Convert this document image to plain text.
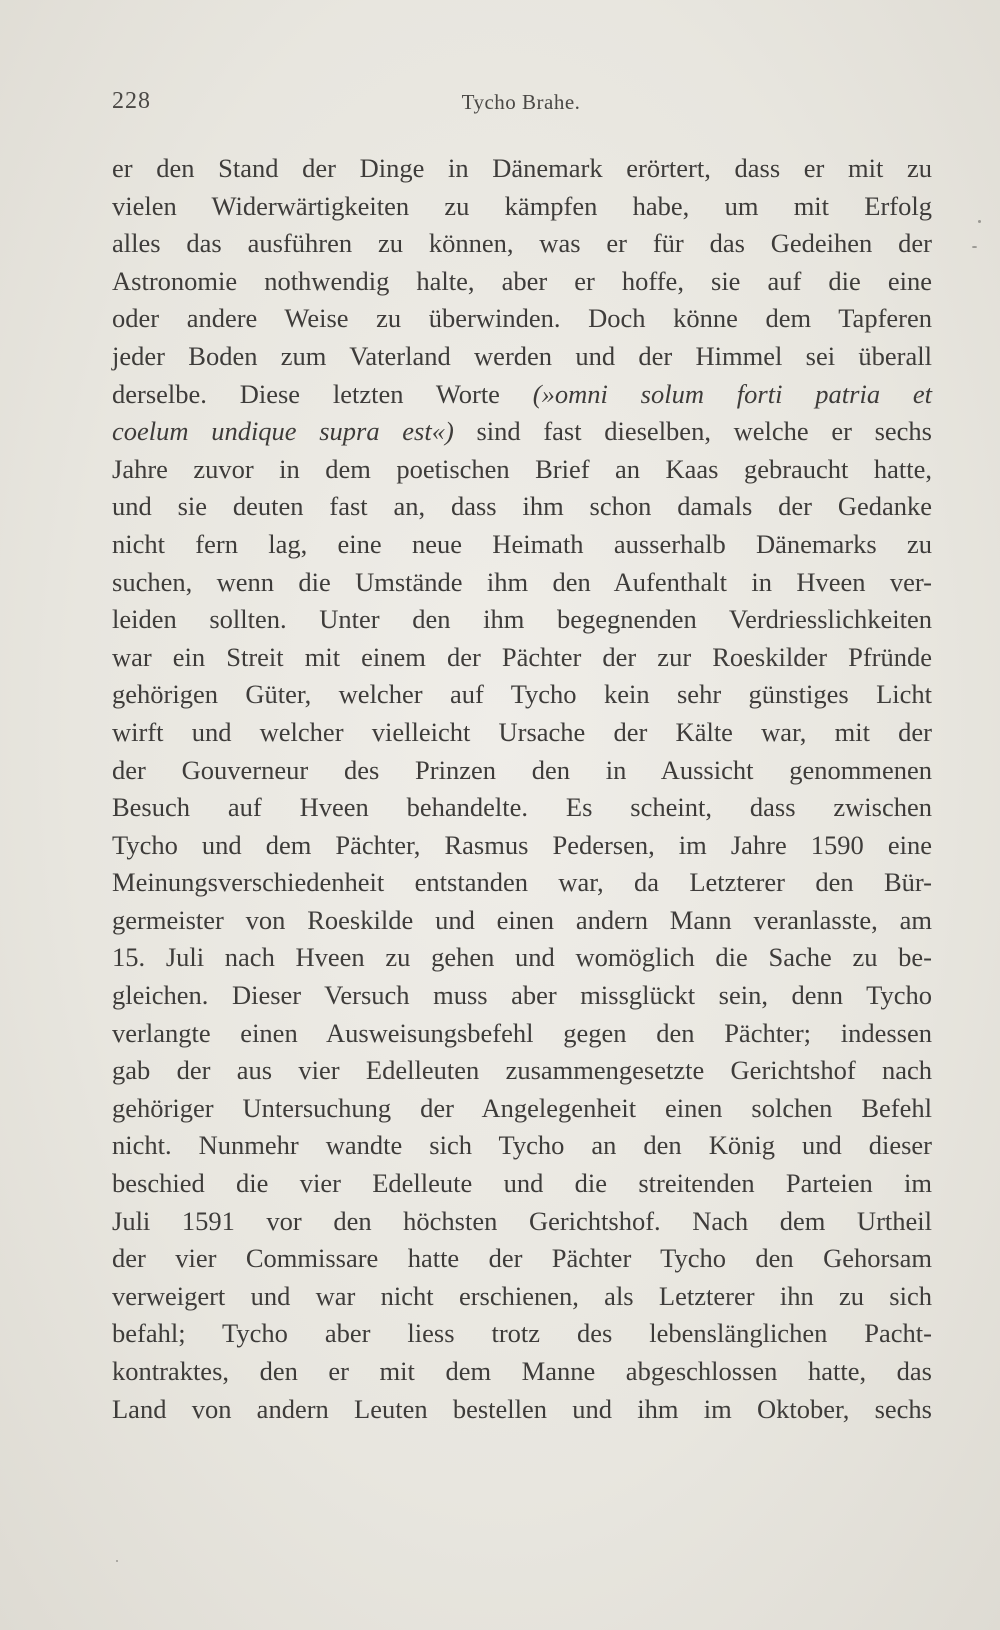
228	Tycho Brahe.
er den Stand der Dinge in Dänemark erörtert, dass er mit zu
vielen Widerwärtigkeiten zu kämpfen habe, um mit Erfolg
alles das ausführen zu können, was er für das Gedeihen der
Astronomie nothwendig halte, aber er hoffe, sie auf die eine
oder andere Weise zu überwinden. Doch könne dem Tapferen
jeder Boden zum Vaterland werden und der Himmel sei überall
derselbe. Diese letzten Worte (»omni solum forti patria et
coelum undique supra est«) sind fast dieselben, welche er sechs
Jahre zuvor in dem poetischen Brief an Kaas gebraucht hatte,
und sie deuten fast an, dass ihm schon damals der Gedanke
nicht fern lag, eine neue Heimath ausserhalb Dänemarks zu
suchen, wenn die Umstände ihm den Aufenthalt in Hveen ver-
leiden sollten. Unter den ihm begegnenden Verdriesslichkeiten
war ein Streit mit einem der Pächter der zur Roeskilder Pfründe
gehörigen Güter, welcher auf Tycho kein sehr günstiges Licht
wirft und welcher vielleicht Ursache der Kälte war, mit der
der Gouverneur des Prinzen den in Aussicht genommenen
Besuch auf Hveen behandelte. Es scheint, dass zwischen
Tycho und dem Pächter, Rasmus Pedersen, im Jahre 1590 eine
Meinungsverschiedenheit entstanden war, da Letzterer den Bür-
germeister von Roeskilde und einen andern Mann veranlasste, am
15. Juli nach Hveen zu gehen und womöglich die Sache zu be-
gleichen. Dieser Versuch muss aber missglückt sein, denn Tycho
verlangte einen Ausweisungsbefehl gegen den Pächter; indessen
gab der aus vier Edelleuten zusammengesetzte Gerichtshof nach
gehöriger Untersuchung der Angelegenheit einen solchen Befehl
nicht. Nunmehr wandte sich Tycho an den König und dieser
beschied die vier Edelleute und die streitenden Parteien im
Juli 1591 vor den höchsten Gerichtshof. Nach dem Urtheil
der vier Commissare hatte der Pächter Tycho den Gehorsam
verweigert und war nicht erschienen, als Letzterer ihn zu sich
befahl; Tycho aber liess trotz des lebenslänglichen Pacht-
kontraktes, den er mit dem Manne abgeschlossen hatte, das
Land von andern Leuten bestellen und ihm im Oktober, sechs
